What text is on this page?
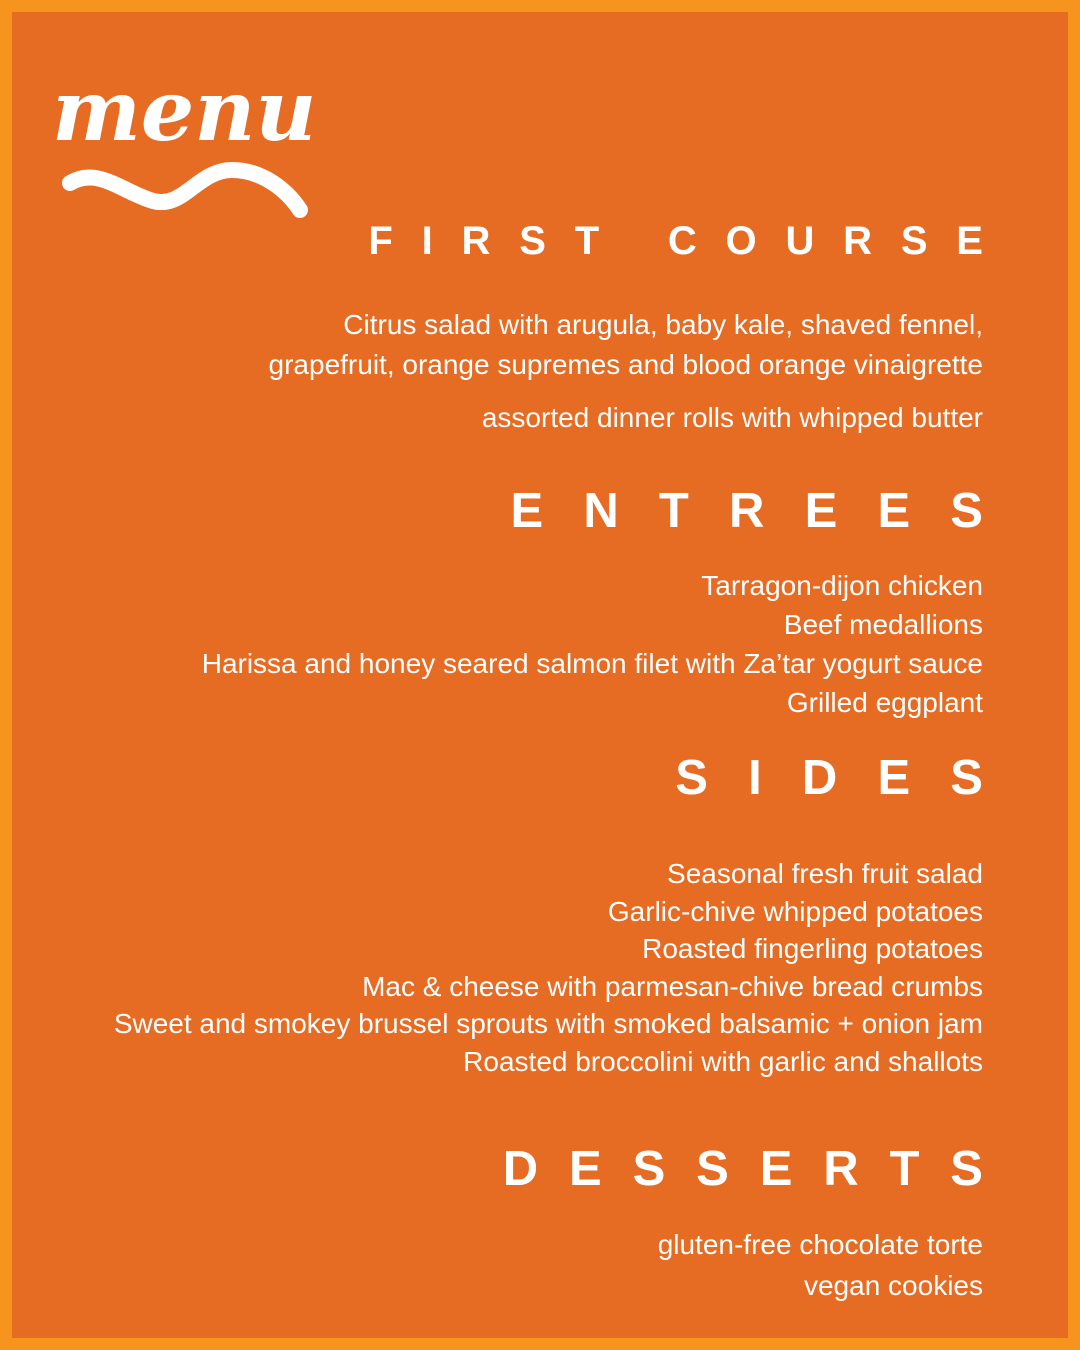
menu
FIRST COURSE
Citrus salad with arugula, baby kale, shaved fennel,
grapefruit, orange supremes and blood orange vinaigrette
assorted dinner rolls with whipped butter
ENTREES
Tarragon-dijon chicken
Beef medallions
Harissa and honey seared salmon filet with Za’tar yogurt sauce
Grilled eggplant
SIDES
Seasonal fresh fruit salad
Garlic-chive whipped potatoes
Roasted fingerling potatoes
Mac & cheese with parmesan-chive bread crumbs
Sweet and smokey brussel sprouts with smoked balsamic + onion jam
Roasted broccolini with garlic and shallots
DESSERTS
gluten-free chocolate torte
vegan cookies
